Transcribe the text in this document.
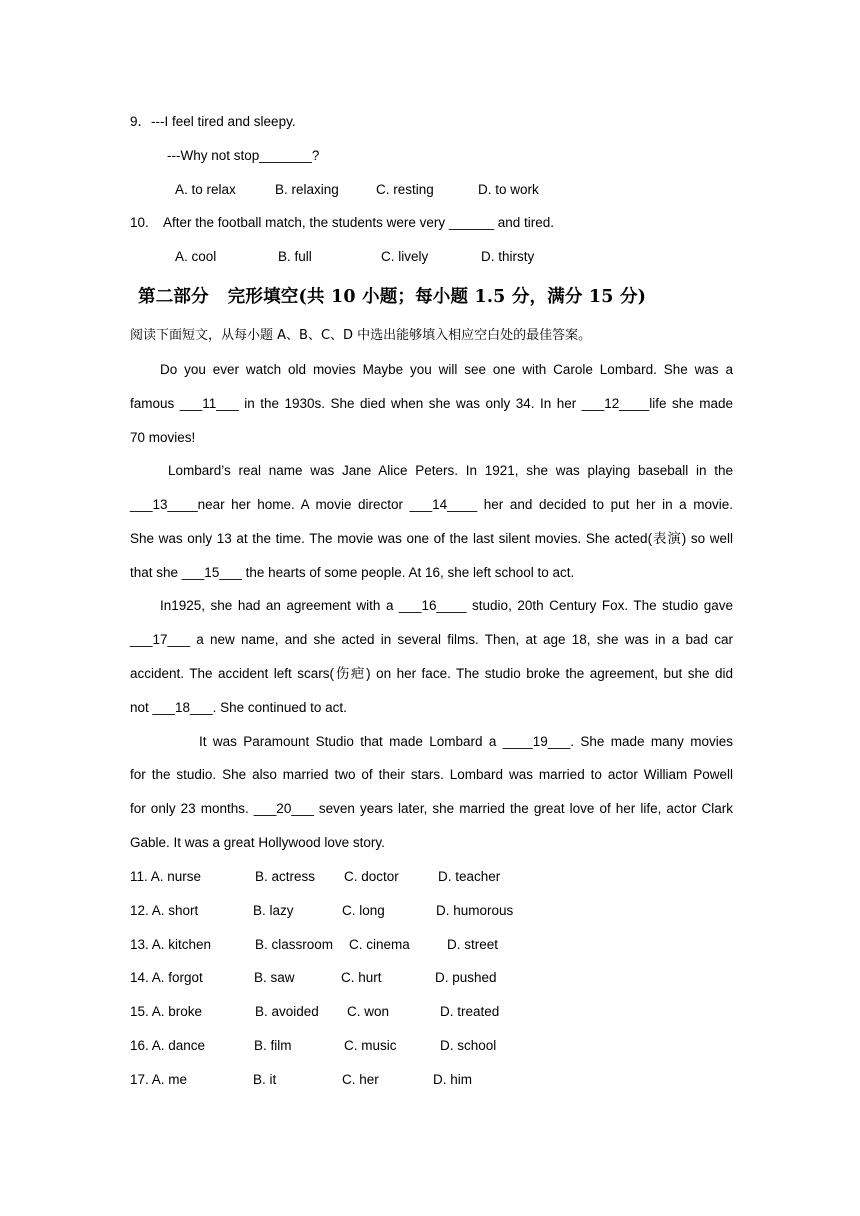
9．---I feel tired and sleepy.
---Why not stop_______?
A. to relax	B. relaxing	C. resting	D. to work
10.    After the football match, the students were very ______ and tired.
A. cool	B. full	C. lively	D. thirsty
第二部分   完形填空(共 10 小题；每小题 1.5 分，满分 15 分)
阅读下面短文，从每小题 A、B、C、D 中选出能够填入相应空白处的最佳答案。
Do you ever watch old movies Maybe you will see one with Carole Lombard. She was a
famous ___11___ in the 1930s. She died when she was only 34. In her ___12____life she made
70 movies!
Lombard’s real name was Jane Alice Peters. In 1921, she was playing baseball in the
___13____near her home. A movie director ___14____ her and decided to put her in a movie.
She was only 13 at the time. The movie was one of the last silent movies. She acted(表演) so well
that she ___15___ the hearts of some people. At 16, she left school to act.
In1925, she had an agreement with a ___16____ studio, 20th Century Fox. The studio gave
___17___ a new name, and she acted in several films. Then, at age 18, she was in a bad car
accident. The accident left scars(伤疤) on her face. The studio broke the agreement, but she did
not ___18___. She continued to act.
It was Paramount Studio that made Lombard a ____19___. She made many movies
for the studio. She also married two of their stars. Lombard was married to actor William Powell
for only 23 months. ___20___ seven years later, she married the great love of her life, actor Clark
Gable. It was a great Hollywood love story.
11. A. nurse	B. actress C. doctor	D. teacher
12. A. short	B. lazy	C. long	D. humorous
13. A. kitchen	B. classroom C. cinema	D. street
14. A. forgot	B. saw	C. hurt	D. pushed
15. A. broke	B. avoided C. won	D. treated
16. A. dance	B. film	C. music	D. school
17. A. me	B. it	C. her	D. him
